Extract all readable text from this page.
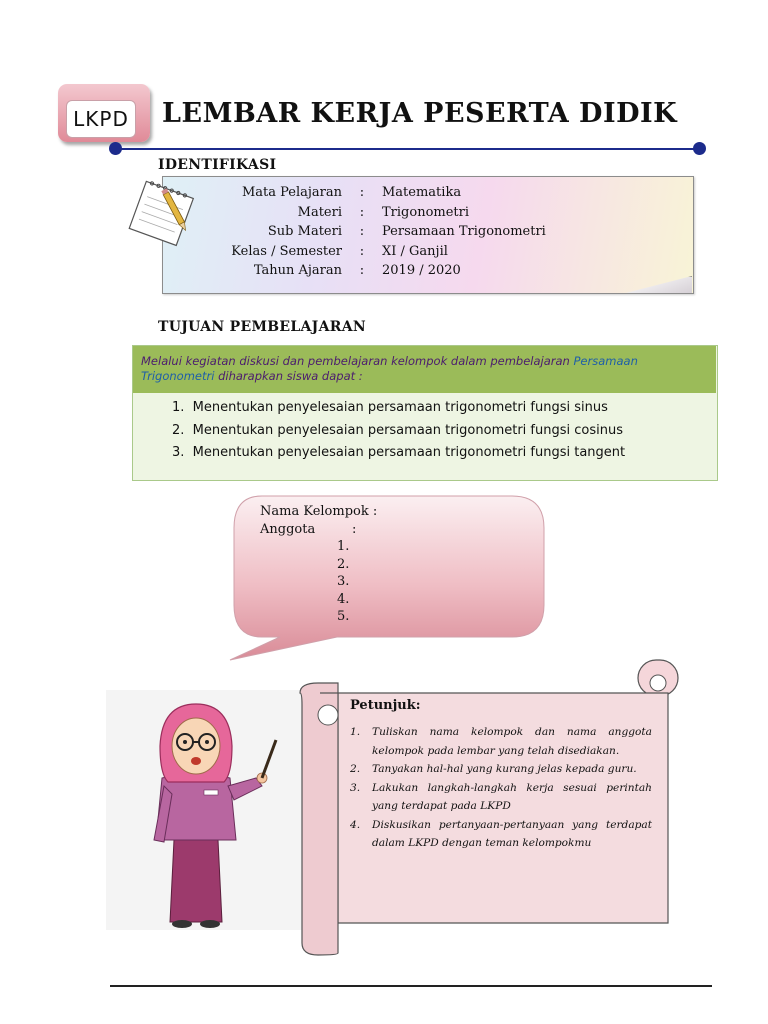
LKPD LEMBAR KERJA PESERTA DIDIK
IDENTIFIKASI
Mata Pelajaran	:	Matematika
Materi	:	Trigonometri
Sub Materi	:	Persamaan Trigonometri
Kelas / Semester	:	XI / Ganjil
Tahun Ajaran	:	2019 / 2020
TUJUAN PEMBELAJARAN
Melalui kegiatan diskusi dan pembelajaran kelompok dalam pembelajaran Persamaan
Trigonometri diharapkan siswa dapat :
1. Menentukan penyelesaian persamaan trigonometri fungsi sinus
2. Menentukan penyelesaian persamaan trigonometri fungsi cosinus
3. Menentukan penyelesaian persamaan trigonometri fungsi tangent
Nama Kelompok :
Anggota	:
1.
2.
3.
4.
5.
Petunjuk:
1.	Tuliskan nama kelompok dan nama anggota kelompok pada lembar yang telah disediakan.
2.	Tanyakan hal-hal yang kurang jelas kepada guru.
3.	Lakukan langkah-langkah kerja sesuai perintah yang terdapat pada LKPD
4.	Diskusikan pertanyaan-pertanyaan yang terdapat dalam LKPD dengan teman kelompokmu
